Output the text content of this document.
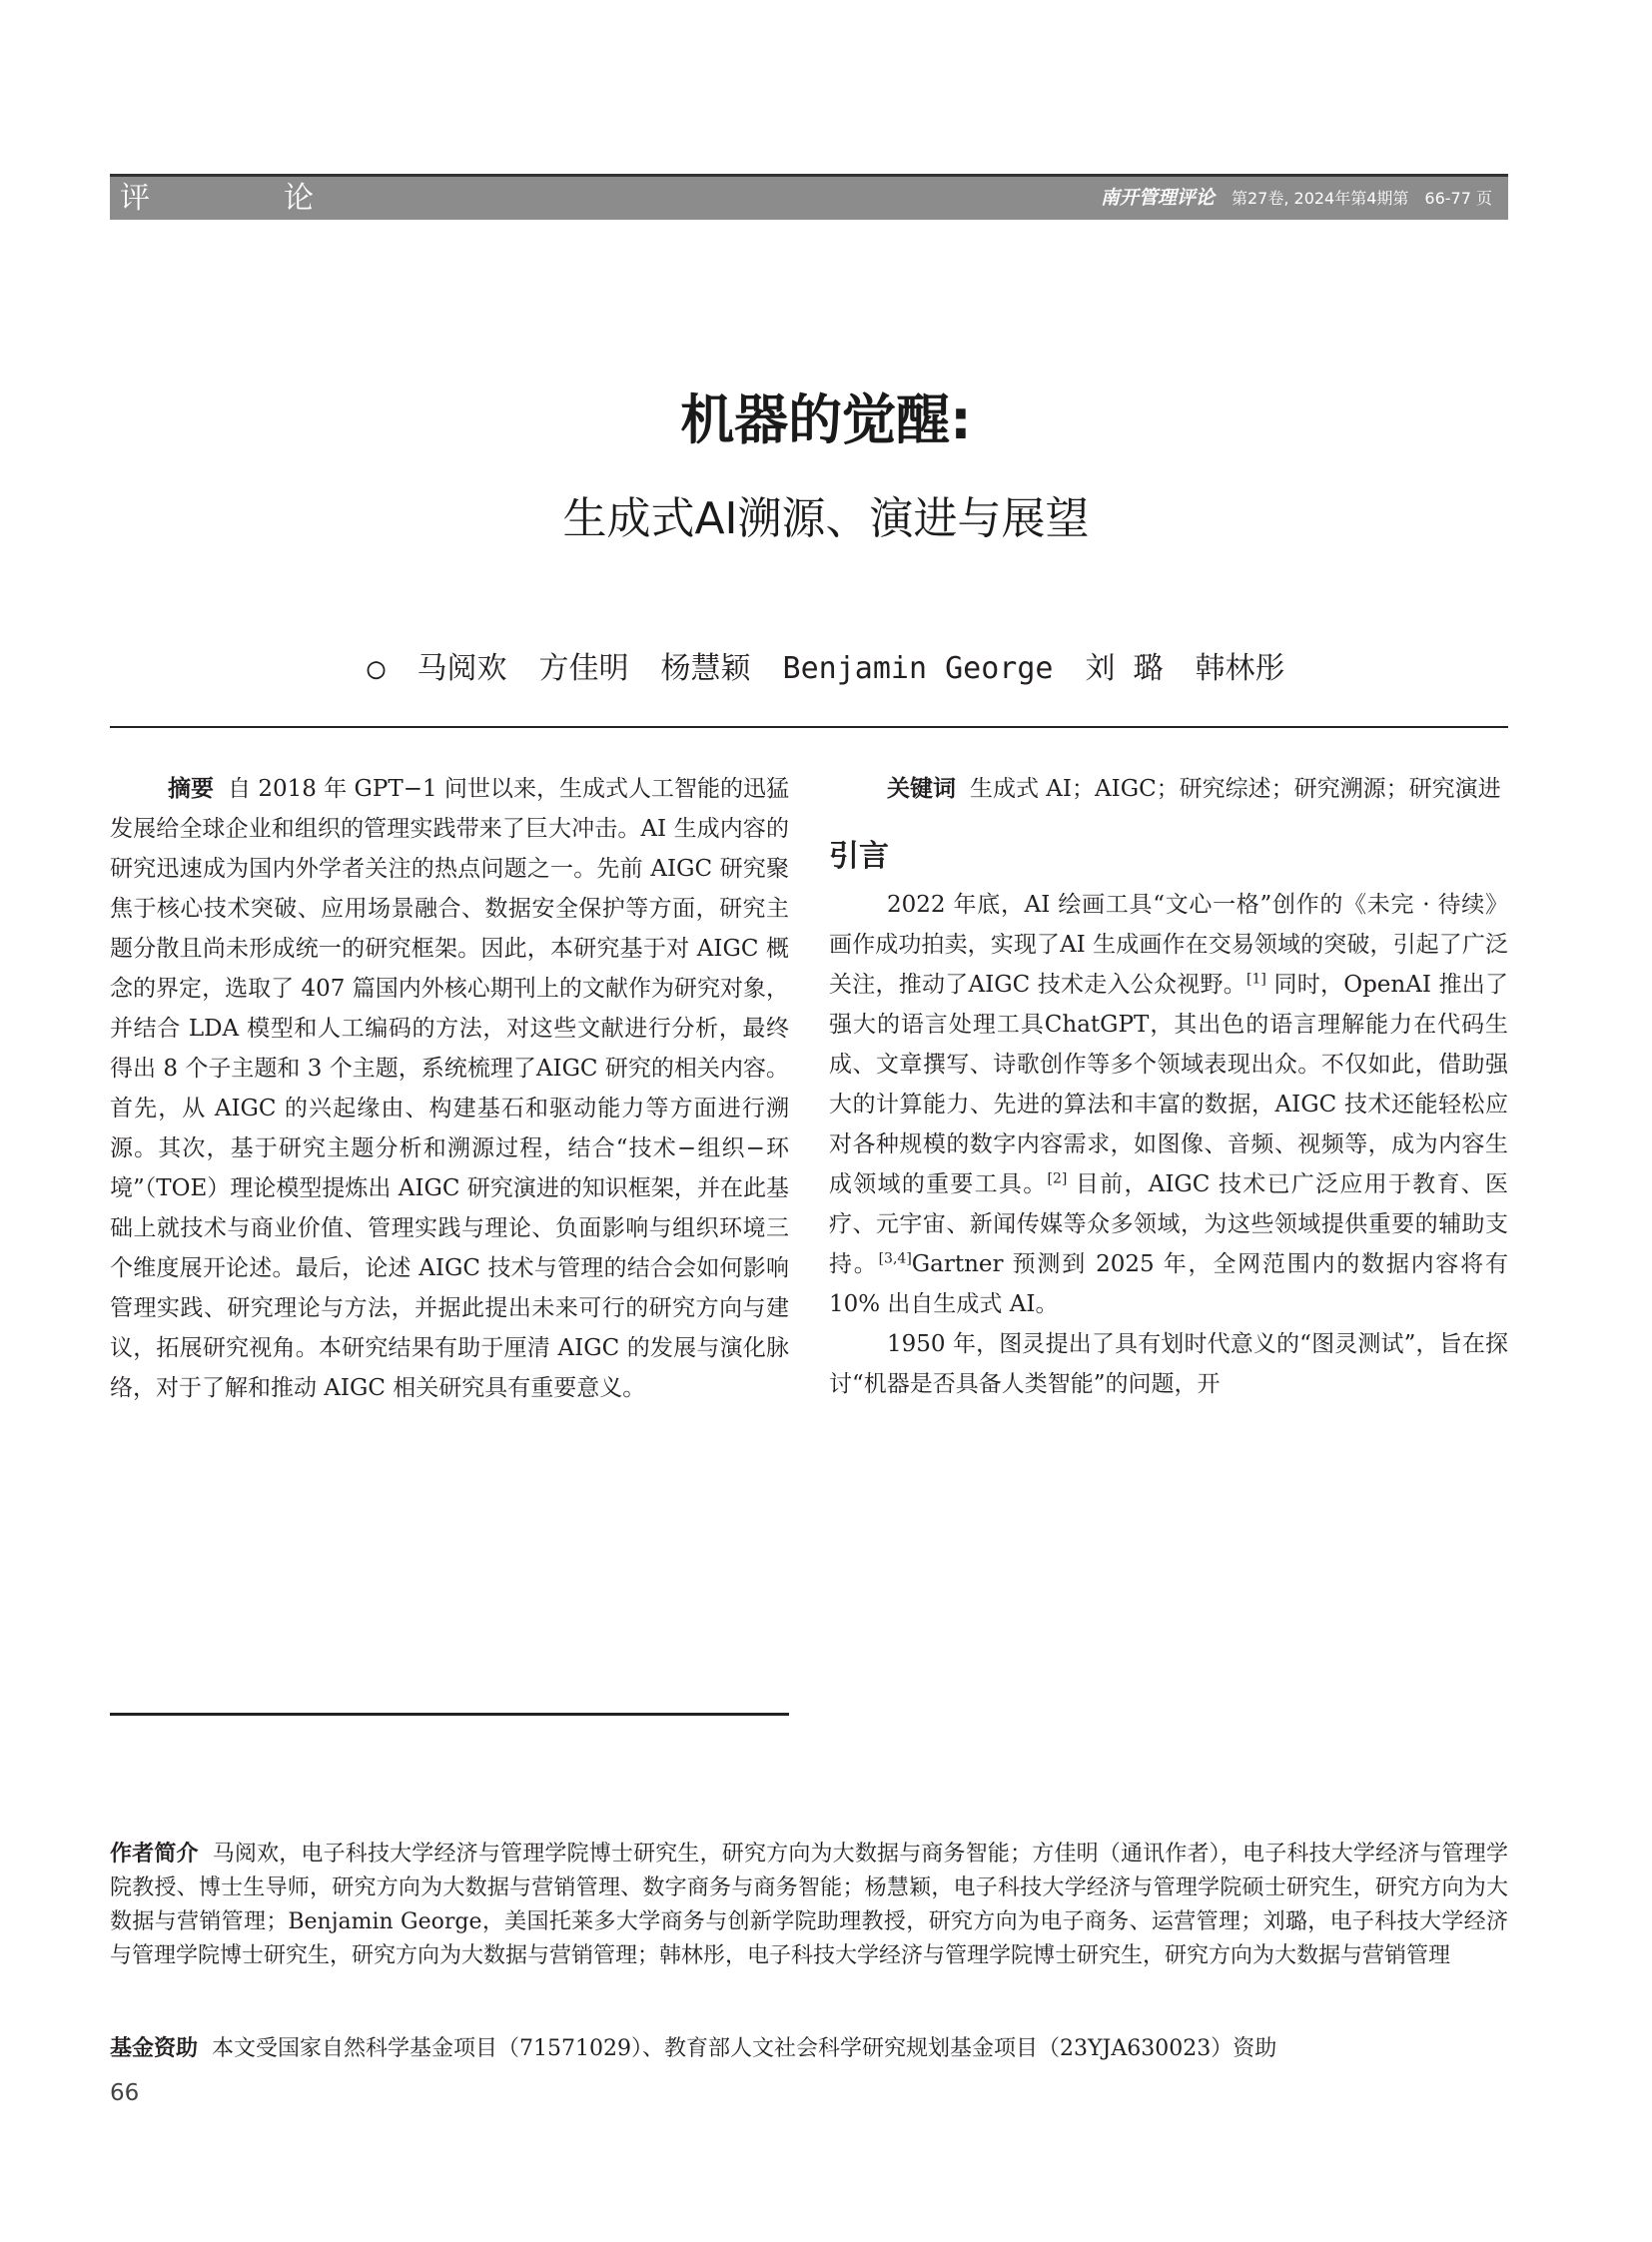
评　论	南开管理评论 第27卷, 2024年第4期第　66-77 页
机器的觉醒:
生成式AI溯源、演进与展望
○ 马阅欢 方佳明 杨慧颖 Benjamin George 刘 璐 韩林彤

摘要 自 2018 年 GPT−1 问世以来，生成式人工智能的迅猛发展给全球企业和组织的管理实践带来了巨大冲击。AI 生成内容的研究迅速成为国内外学者关注的热点问题之一。先前 AIGC 研究聚焦于核心技术突破、应用场景融合、数据安全保护等方面，研究主题分散且尚未形成统一的研究框架。因此，本研究基于对 AIGC 概念的界定，选取了 407 篇国内外核心期刊上的文献作为研究对象，并结合 LDA 模型和人工编码的方法，对这些文献进行分析，最终得出 8 个子主题和 3 个主题，系统梳理了AIGC 研究的相关内容。首先，从 AIGC 的兴起缘由、构建基石和驱动能力等方面进行溯源。其次，基于研究主题分析和溯源过程，结合“技术−组织−环境”（TOE）理论模型提炼出 AIGC 研究演进的知识框架，并在此基础上就技术与商业价值、管理实践与理论、负面影响与组织环境三个维度展开论述。最后，论述 AIGC 技术与管理的结合会如何影响管理实践、研究理论与方法，并据此提出未来可行的研究方向与建议，拓展研究视角。本研究结果有助于厘清 AIGC 的发展与演化脉络，对于了解和推动 AIGC 相关研究具有重要意义。

关键词 生成式 AI；AIGC；研究综述；研究溯源；研究演进

引言

2022 年底，AI 绘画工具“文心一格”创作的《未完 · 待续》画作成功拍卖，实现了AI 生成画作在交易领域的突破，引起了广泛关注，推动了AIGC 技术走入公众视野。[1] 同时，OpenAI 推出了强大的语言处理工具ChatGPT，其出色的语言理解能力在代码生成、文章撰写、诗歌创作等多个领域表现出众。不仅如此，借助强大的计算能力、先进的算法和丰富的数据，AIGC 技术还能轻松应对各种规模的数字内容需求，如图像、音频、视频等，成为内容生成领域的重要工具。[2] 目前，AIGC 技术已广泛应用于教育、医疗、元宇宙、新闻传媒等众多领域，为这些领域提供重要的辅助支持。[3,4]Gartner 预测到 2025 年，全网范围内的数据内容将有 10% 出自生成式 AI。

1950 年，图灵提出了具有划时代意义的“图灵测试”，旨在探讨“机器是否具备人类智能”的问题，开

作者简介 马阅欢，电子科技大学经济与管理学院博士研究生，研究方向为大数据与商务智能；方佳明（通讯作者），电子科技大学经济与管理学院教授、博士生导师，研究方向为大数据与营销管理、数字商务与商务智能；杨慧颖，电子科技大学经济与管理学院硕士研究生，研究方向为大数据与营销管理；Benjamin George，美国托莱多大学商务与创新学院助理教授，研究方向为电子商务、运营管理；刘璐，电子科技大学经济与管理学院博士研究生，研究方向为大数据与营销管理；韩林彤，电子科技大学经济与管理学院博士研究生，研究方向为大数据与营销管理
基金资助 本文受国家自然科学基金项目（71571029）、教育部人文社会科学研究规划基金项目（23YJA630023）资助
66
